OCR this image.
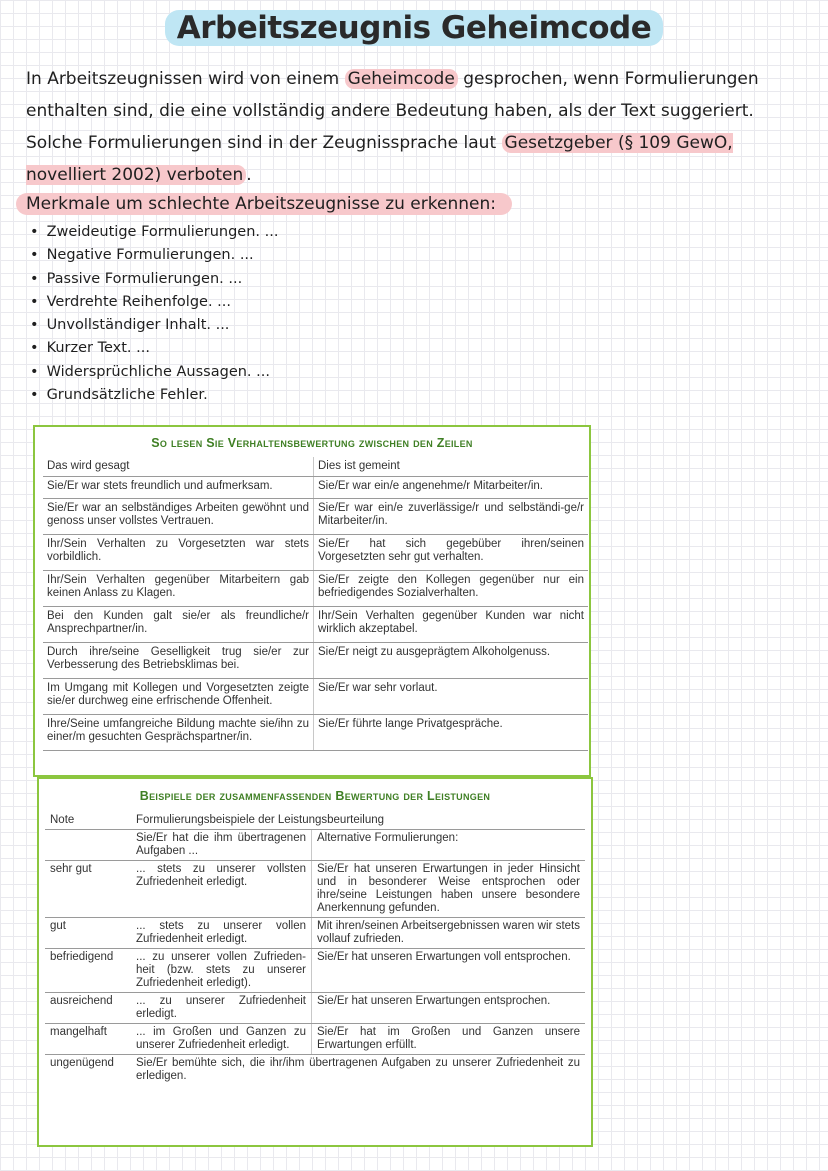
Arbeitszeugnis Geheimcode

In Arbeitszeugnissen wird von einem Geheimcode gesprochen, wenn Formulierungen enthalten sind, die eine vollständig andere Bedeutung haben, als der Text suggeriert. Solche Formulierungen sind in der Zeugnissprache laut Gesetzgeber (§ 109 GewO, novelliert 2002) verboten .

Merkmale um schlechte Arbeitszeugnisse zu erkennen:
• Zweideutige Formulierungen. ...
• Negative Formulierungen. ...
• Passive Formulierungen. ...
• Verdrehte Reihenfolge. ...
• Unvollständiger Inhalt. ...
• Kurzer Text. ...
• Widersprüchliche Aussagen. ...
• Grundsätzliche Fehler.
So lesen Sie Verhaltensbewertung zwischen den Zeilen
Das wird gesagt	Dies ist gemeint
Sie/Er war stets freundlich und aufmerksam.	Sie/Er war ein/e angenehme/r Mitarbeiter/in.
Sie/Er war an selbständiges Arbeiten gewöhnt und genoss unser vollstes Vertrauen.	Sie/Er war ein/e zuverlässige/r und selbständi-ge/r Mitarbeiter/in.
Ihr/Sein Verhalten zu Vorgesetzten war stets vorbildlich.	Sie/Er hat sich gegebüber ihren/seinen Vorgesetzten sehr gut verhalten.
Ihr/Sein Verhalten gegenüber Mitarbeitern gab keinen Anlass zu Klagen.	Sie/Er zeigte den Kollegen gegenüber nur ein befriedigendes Sozialverhalten.
Bei den Kunden galt sie/er als freundliche/r Ansprechpartner/in.	Ihr/Sein Verhalten gegenüber Kunden war nicht wirklich akzeptabel.
Durch ihre/seine Geselligkeit trug sie/er zur Verbesserung des Betriebsklimas bei.	Sie/Er neigt zu ausgeprägtem Alkoholgenuss.
Im Umgang mit Kollegen und Vorgesetzten zeigte sie/er durchweg eine erfrischende Offenheit.	Sie/Er war sehr vorlaut.
Ihre/Seine umfangreiche Bildung machte sie/ihn zu einer/m gesuchten Gesprächspartner/in.	Sie/Er führte lange Privatgespräche.
Beispiele der zusammenfassenden Bewertung der Leistungen
Note	Formulierungsbeispiele der Leistungsbeurteilung	
	Sie/Er hat die ihm übertragenen Aufgaben ...	Alternative Formulierungen:
sehr gut	... stets zu unserer vollsten Zufriedenheit erledigt.	Sie/Er hat unseren Erwartungen in jeder Hinsicht und in besonderer Weise entsprochen oder ihre/seine Leistungen haben unsere besondere Anerkennung gefunden.
gut	... stets zu unserer vollen Zufriedenheit erledigt.	Mit ihren/seinen Arbeitsergebnissen waren wir stets vollauf zufrieden.
befriedigend	... zu unserer vollen Zufrieden-heit (bzw. stets zu unserer Zufriedenheit erledigt).	Sie/Er hat unseren Erwartungen voll entsprochen.
ausreichend	... zu unserer Zufriedenheit erledigt.	Sie/Er hat unseren Erwartungen entsprochen.
mangelhaft	... im Großen und Ganzen zu unserer Zufriedenheit erledigt.	Sie/Er hat im Großen und Ganzen unsere Erwartungen erfüllt.
ungenügend	Sie/Er bemühte sich, die ihr/ihm übertragenen Aufgaben zu unserer Zufriedenheit zu erledigen.	
